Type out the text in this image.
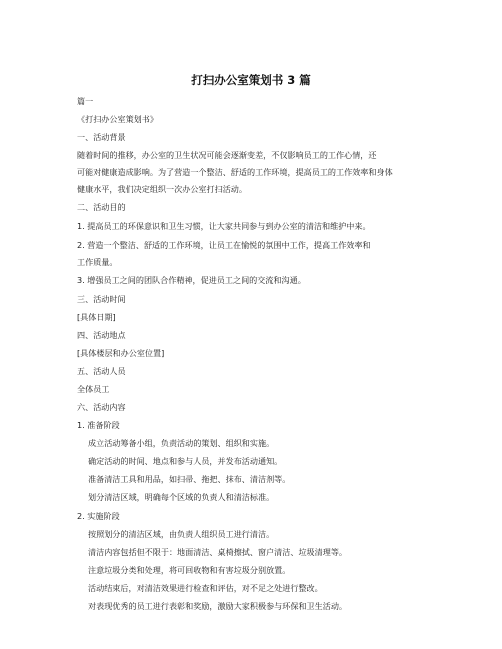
打扫办公室策划书 3 篇
篇一
《打扫办公室策划书》
一、活动背景
随着时间的推移，办公室的卫生状况可能会逐渐变差，不仅影响员工的工作心情，还
可能对健康造成影响。为了营造一个整洁、舒适的工作环境，提高员工的工作效率和身体
健康水平，我们决定组织一次办公室打扫活动。
二、活动目的
1. 提高员工的环保意识和卫生习惯，让大家共同参与到办公室的清洁和维护中来。
2. 营造一个整洁、舒适的工作环境，让员工在愉悦的氛围中工作，提高工作效率和
工作质量。
3. 增强员工之间的团队合作精神，促进员工之间的交流和沟通。
三、活动时间
[具体日期]
四、活动地点
[具体楼层和办公室位置]
五、活动人员
全体员工
六、活动内容
1. 准备阶段
成立活动筹备小组，负责活动的策划、组织和实施。
确定活动的时间、地点和参与人员，并发布活动通知。
准备清洁工具和用品，如扫帚、拖把、抹布、清洁剂等。
划分清洁区域，明确每个区域的负责人和清洁标准。
2. 实施阶段
按照划分的清洁区域，由负责人组织员工进行清洁。
清洁内容包括但不限于：地面清洁、桌椅擦拭、窗户清洁、垃圾清理等。
注意垃圾分类和处理，将可回收物和有害垃圾分别放置。
活动结束后，对清洁效果进行检查和评估，对不足之处进行整改。
对表现优秀的员工进行表彰和奖励，激励大家积极参与环保和卫生活动。
